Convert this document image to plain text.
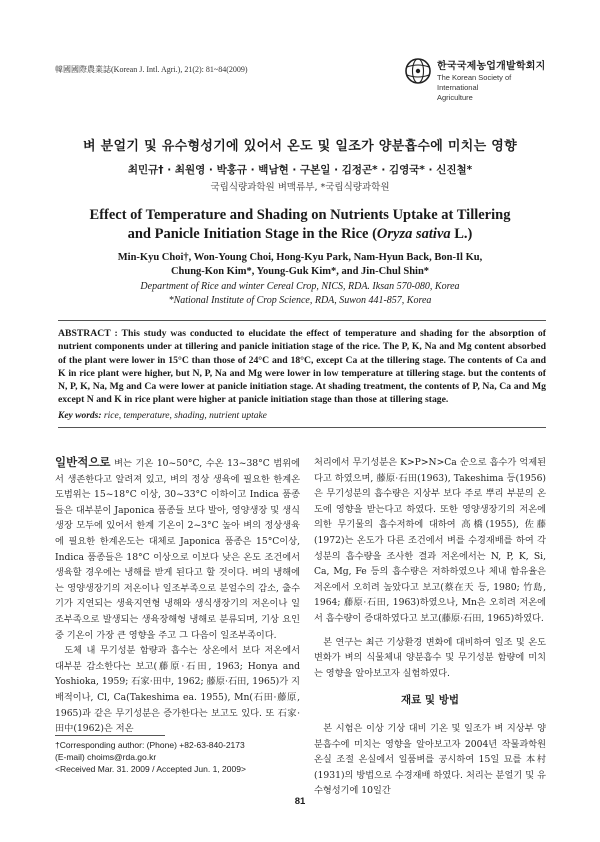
韓國國際農業誌(Korean J. Intl. Agri.), 21(2): 81~84(2009)	한국국제농업개발학회지
The Korean Society of International
Agriculture
벼 분얼기 및 유수형성기에 있어서 온도 및 일조가 양분흡수에 미치는 영향
최민규† · 최원영 · 박홍규 · 백남현 · 구본일 · 김정곤* · 김영국* · 신진철*
국립식량과학원 벼맥류부, *국립식량과학원
Effect of Temperature and Shading on Nutrients Uptake at Tillering
and Panicle Initiation Stage in the Rice (Oryza sativa L.)
Min-Kyu Choi†, Won-Young Choi, Hong-Kyu Park, Nam-Hyun Back, Bon-Il Ku,
Chung-Kon Kim*, Young-Guk Kim*, and Jin-Chul Shin*
Department of Rice and winter Cereal Crop, NICS, RDA. Iksan 570-080, Korea
*National Institute of Crop Science, RDA, Suwon 441-857, Korea
ABSTRACT : This study was conducted to elucidate the effect of temperature and shading for the absorption of nutrient components under at tillering and panicle initiation stage of the rice. The P, K, Na and Mg content absorbed of the plant were lower in 15°C than those of 24°C and 18°C, except Ca at the tillering stage. The contents of Ca and K in rice plant were higher, but N, P, Na and Mg were lower in low temperature at tillering stage. but the contents of N, P, K, Na, Mg and Ca were lower at panicle initiation stage. At shading treatment, the contents of P, Na, Ca and Mg except N and K in rice plant were higher at panicle initiation stage than those at tillering stage.
Key words: rice, temperature, shading, nutrient uptake

일반적으로 벼는 기온 10~50°C, 수온 13~38°C 범위에서 생존한다고 알려져 있고, 벼의 정상 생육에 필요한 한계온도범위는 15~18°C 이상, 30~33°C 이하이고 Indica 품종들은 대부분이 Japonica 품종들 보다 발아, 영양생장 및 생식생장 모두에 있어서 한계 기온이 2~3°C 높아 벼의 정상생육에 필요한 한계온도는 대체로 Japonica 품종은 15°C이상, Indica 품종들은 18°C 이상으로 이보다 낮은 온도 조건에서 생육할 경우에는 냉해를 받게 된다고 할 것이다. 벼의 냉해에는 영양생장기의 저온이나 일조부족으로 분얼수의 감소, 출수기가 지연되는 생육지연형 냉해와 생식생장기의 저온이나 일조부족으로 발생되는 생육장해형 냉해로 분류되며, 기상 요인 중 기온이 가장 큰 영향을 주고 그 다음이 일조부족이다.

도체 내 무기성분 함량과 흡수는 상온에서 보다 저온에서 대부분 감소한다는 보고(藤原·石田, 1963; Honya and Yoshioka, 1959; 石家·田中, 1962; 藤原·石田, 1965)가 지배적이나, Cl, Ca(Takeshima ea. 1955), Mn(石田·藤原, 1965)과 같은 무기성분은 증가한다는 보고도 있다. 또 石家·田中(1962)은 저온

처리에서 무기성분은 K>P>N>Ca 순으로 흡수가 억제된다고 하였으며, 藤原·石田(1963), Takeshima 등(1956)은 무기성분의 흡수량은 지상부 보다 주로 뿌리 부분의 온도에 영향을 받는다고 하였다. 또한 영양생장기의 저온에 의한 무기물의 흡수저하에 대하여 高橋(1955), 佐藤(1972)는 온도가 다른 조건에서 벼를 수경재배를 하여 각 성분의 흡수량을 조사한 결과 저온에서는 N, P, K, Si, Ca, Mg, Fe 등의 흡수량은 저하하였으나 체내 함유율은 저온에서 오히려 높았다고 보고(蔡在天 등, 1980; 竹島, 1964; 藤原·石田, 1963)하였으나, Mn은 오히려 저온에서 흡수량이 증대하였다고 보고(藤原·石田, 1965)하였다.

본 연구는 최근 기상환경 변화에 대비하여 일조 및 온도변화가 벼의 식물체내 양분흡수 및 무기성분 함량에 미치는 영향을 알아보고자 실험하였다.

재료 및 방법

본 시험은 이상 기상 대비 기온 및 일조가 벼 지상부 양분흡수에 미치는 영향을 알아보고자 2004년 작물과학원 온실 조절 온실에서 일품벼를 공시하여 15일 묘를 本村(1931)의 방법으로 수경재배 하였다. 처리는 분얼기 및 유수형성기에 10일간

†Corresponding author: (Phone) +82-63-840-2173
(E-mail) choims@rda.go.kr
<Received Mar. 31. 2009 / Accepted Jun. 1, 2009>
81
